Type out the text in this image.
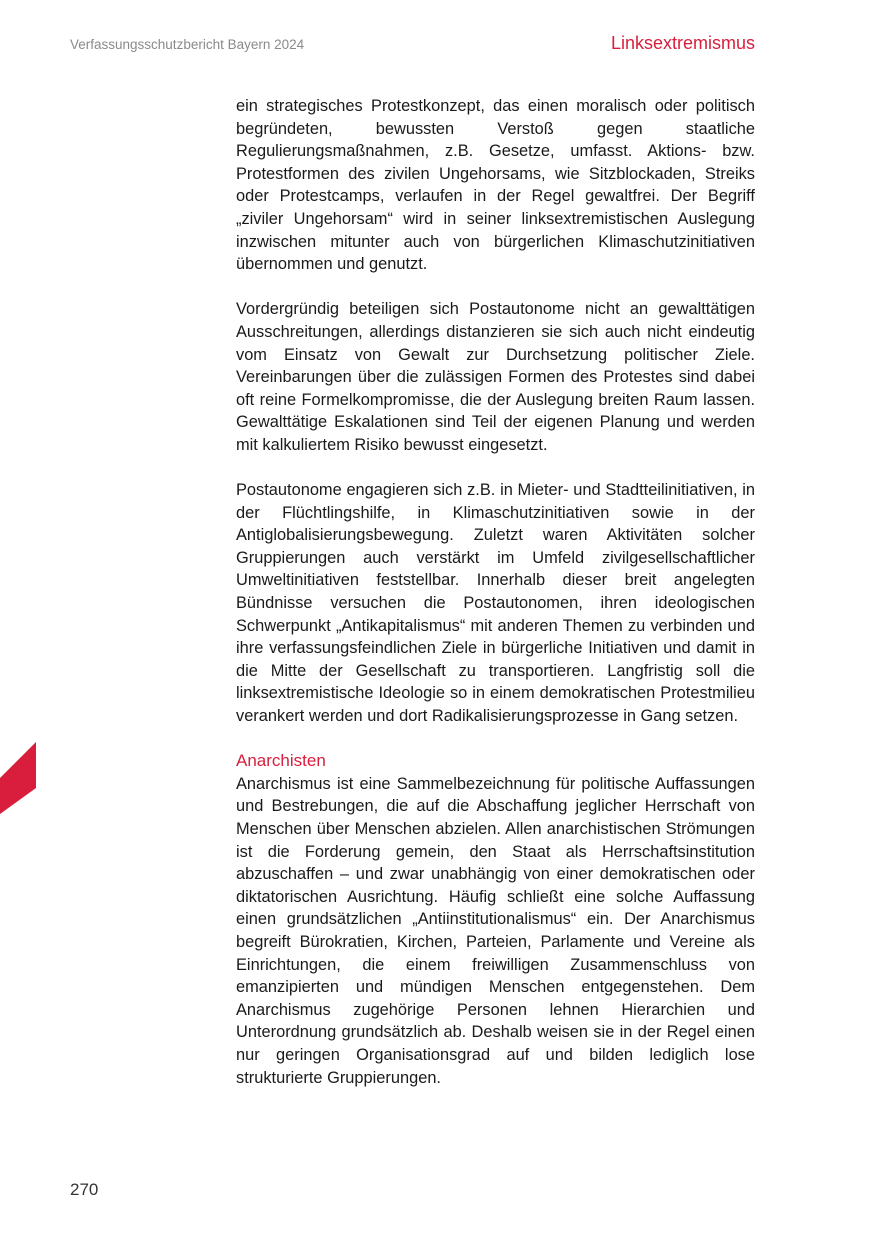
Verfassungsschutzbericht Bayern 2024	Linksextremismus

ein strategisches Protestkonzept, das einen moralisch oder politisch begründeten, bewussten Verstoß gegen staatliche Regulierungsmaßnahmen, z.B. Gesetze, umfasst. Aktions- bzw. Protestformen des zivilen Ungehorsams, wie Sitzblockaden, Streiks oder Protestcamps, verlaufen in der Regel gewaltfrei. Der Begriff „ziviler Ungehorsam“ wird in seiner linksextremistischen Auslegung inzwischen mitunter auch von bürgerlichen Klimaschutzinitiativen übernommen und genutzt.

Vordergründig beteiligen sich Postautonome nicht an gewalttätigen Ausschreitungen, allerdings distanzieren sie sich auch nicht eindeutig vom Einsatz von Gewalt zur Durchsetzung politischer Ziele. Vereinbarungen über die zulässigen Formen des Protestes sind dabei oft reine Formelkompromisse, die der Auslegung breiten Raum lassen. Gewalttätige Eskalationen sind Teil der eigenen Planung und werden mit kalkuliertem Risiko bewusst eingesetzt.

Postautonome engagieren sich z.B. in Mieter- und Stadtteilinitiativen, in der Flüchtlingshilfe, in Klimaschutzinitiativen sowie in der Antiglobalisierungsbewegung. Zuletzt waren Aktivitäten solcher Gruppierungen auch verstärkt im Umfeld zivilgesellschaftlicher Umweltinitiativen feststellbar. Innerhalb dieser breit angelegten Bündnisse versuchen die Postautonomen, ihren ideologischen Schwerpunkt „Antikapitalismus“ mit anderen Themen zu verbinden und ihre verfassungsfeindlichen Ziele in bürgerliche Initiativen und damit in die Mitte der Gesellschaft zu transportieren. Langfristig soll die linksextremistische Ideologie so in einem demokratischen Protestmilieu verankert werden und dort Radikalisierungsprozesse in Gang setzen.

Anarchisten

Anarchismus ist eine Sammelbezeichnung für politische Auffassungen und Bestrebungen, die auf die Abschaffung jeglicher Herrschaft von Menschen über Menschen abzielen. Allen anarchistischen Strömungen ist die Forderung gemein, den Staat als Herrschaftsinstitution abzuschaffen – und zwar unabhängig von einer demokratischen oder diktatorischen Ausrichtung. Häufig schließt eine solche Auffassung einen grundsätzlichen „Antiinstitutionalismus“ ein. Der Anarchismus begreift Bürokratien, Kirchen, Parteien, Parlamente und Vereine als Einrichtungen, die einem freiwilligen Zusammenschluss von emanzipierten und mündigen Menschen entgegenstehen. Dem Anarchismus zugehörige Personen lehnen Hierarchien und Unterordnung grundsätzlich ab. Deshalb weisen sie in der Regel einen nur geringen Organisationsgrad auf und bilden lediglich lose strukturierte Gruppierungen.

270
